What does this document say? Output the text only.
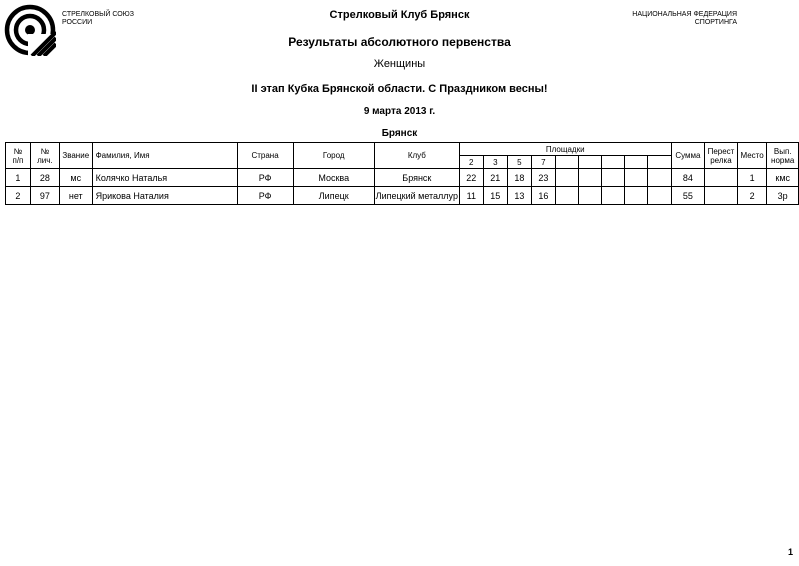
СТРЕЛКОВЫЙ СОЮЗ
РОССИИ
НАЦИОНАЛЬНАЯ ФЕДЕРАЦИЯ
СПОРТИНГА
Стрелковый Клуб Брянск
Результаты абсолютного первенства
Женщины
II этап Кубка Брянской области. С Праздником весны!
9 марта 2013 г.
Брянск
№
п/п	№
лич.	Звание	Фамилия, Имя	Страна	Город	Клуб	Площадки									Сумма	Перест
релка	Место	Вып.
норма
							2	3	5	7									
1	28	мс	Колячко Наталья	РФ	Москва	Брянск	22	21	18	23						84		1	кмс
2	97	нет	Ярикова Наталия	РФ	Липецк	Липецкий металлур	11	15	13	16						55		2	3р
1
